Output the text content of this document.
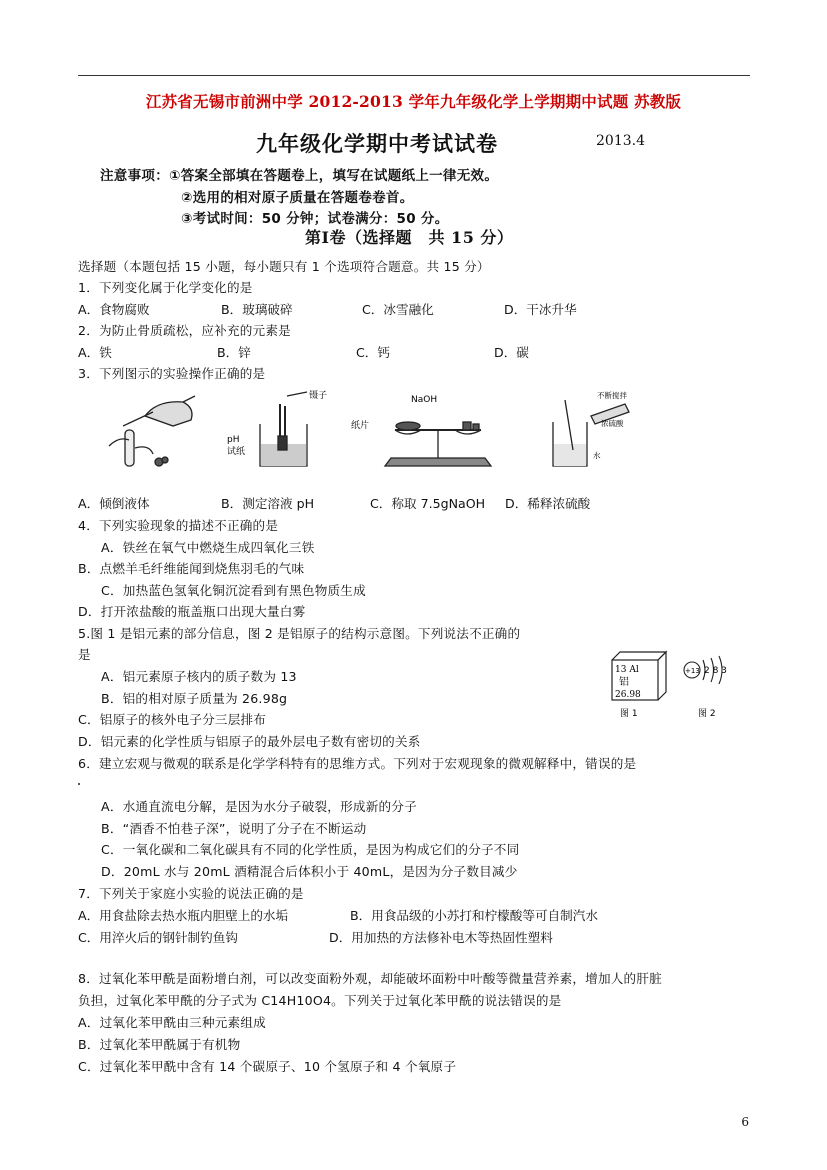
江苏省无锡市前洲中学 2012-2013 学年九年级化学上学期期中试题 苏教版
九年级化学期中考试试卷	2013.4
注意事项：①答案全部填在答题卷上，填写在试题纸上一律无效。
②选用的相对原子质量在答题卷卷首。
③考试时间：50 分钟；试卷满分：50 分。
第Ⅰ卷（选择题　共 15 分）
选择题（本题包括 15 小题，每小题只有 1 个选项符合题意。共 15 分）
1．下列变化属于化学变化的是
A．食物腐败	B．玻璃破碎	C．冰雪融化	D．干冰升华
2．为防止骨质疏松，应补充的元素是
A．铁	B．锌	C．钙	D．碳
3．下列图示的实验操作正确的是
镊子
pH
试纸
NaOH
纸片
不断搅拌
浓硫酸
水
A．倾倒液体	B．测定溶液 pH	C．称取 7.5gNaOH D．稀释浓硫酸
4．下列实验现象的描述不正确的是
A．铁丝在氧气中燃烧生成四氧化三铁
B．点燃羊毛纤维能闻到烧焦羽毛的气味
C．加热蓝色氢氧化铜沉淀看到有黑色物质生成
D．打开浓盐酸的瓶盖瓶口出现大量白雾
5.图 1 是铝元素的部分信息，图 2 是铝原子的结构示意图。下列说法不正确的
是
A．铝元素原子核内的质子数为 13
B．铝的相对原子质量为 26.98g
C．铝原子的核外电子分三层排布
D．铝元素的化学性质与铝原子的最外层电子数有密切的关系
13 Al
铝
26.98
+13 2 8 3
图 1	图 2
6．建立宏观与微观的联系是化学学科特有的思维方式。下列对于宏观现象的微观解释中，错误的是
A．水通直流电分解，是因为水分子破裂，形成新的分子
B．“酒香不怕巷子深”，说明了分子在不断运动
C．一氧化碳和二氧化碳具有不同的化学性质，是因为构成它们的分子不同
D．20mL 水与 20mL 酒精混合后体积小于 40mL，是因为分子数目减少
7．下列关于家庭小实验的说法正确的是
A．用食盐除去热水瓶内胆壁上的水垢	B．用食品级的小苏打和柠檬酸等可自制汽水
C．用淬火后的钢针制钓鱼钩	D．用加热的方法修补电木等热固性塑料
8．过氧化苯甲酰是面粉增白剂，可以改变面粉外观，却能破坏面粉中叶酸等微量营养素，增加人的肝脏
负担，过氧化苯甲酰的分子式为 C14H10O4。下列关于过氧化苯甲酰的说法错误的是
A．过氧化苯甲酰由三种元素组成
B．过氧化苯甲酰属于有机物
C．过氧化苯甲酰中含有 14 个碳原子、10 个氢原子和 4 个氧原子
6
